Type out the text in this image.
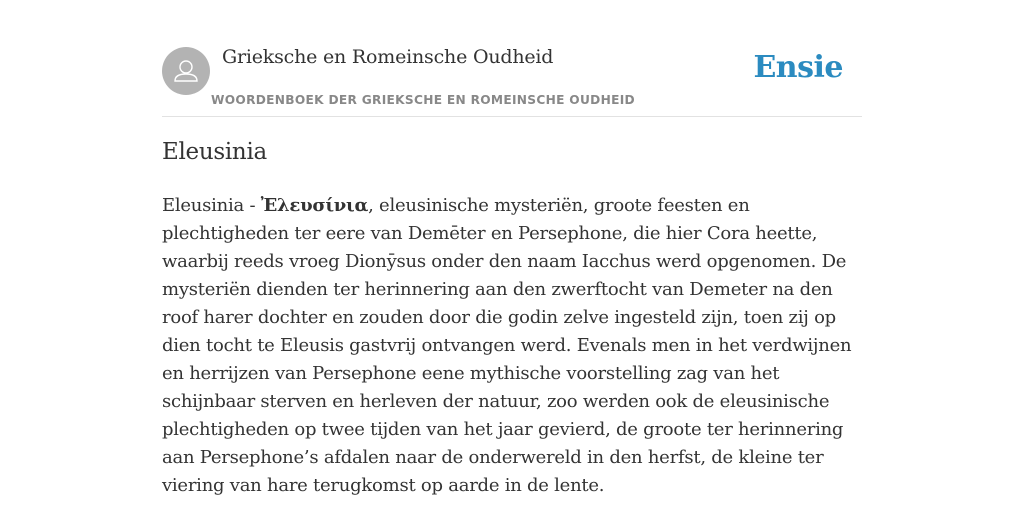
Grieksche en Romeinsche Oudheid
WOORDENBOEK DER GRIEKSCHE EN ROMEINSCHE OUDHEID
Ensie
Eleusinia

Eleusinia - Ἐλευσίνια, eleusinische mysteriën, groote feesten en plechtigheden ter eere van Demēter en Persephone, die hier Cora heette, waarbij reeds vroeg Dionȳsus onder den naam Iacchus werd opgenomen. De mysteriën dienden ter herinnering aan den zwerftocht van Demeter na den roof harer dochter en zouden door die godin zelve ingesteld zijn, toen zij op dien tocht te Eleusis gastvrij ontvangen werd. Evenals men in het verdwijnen en herrijzen van Persephone eene mythische voorstelling zag van het schijnbaar sterven en herleven der natuur, zoo werden ook de eleusinische plechtigheden op twee tijden van het jaar gevierd, de groote ter herinnering aan Persephone’s afdalen naar de onderwereld in den herfst, de kleine ter viering van hare terugkomst op aarde in de lente.
